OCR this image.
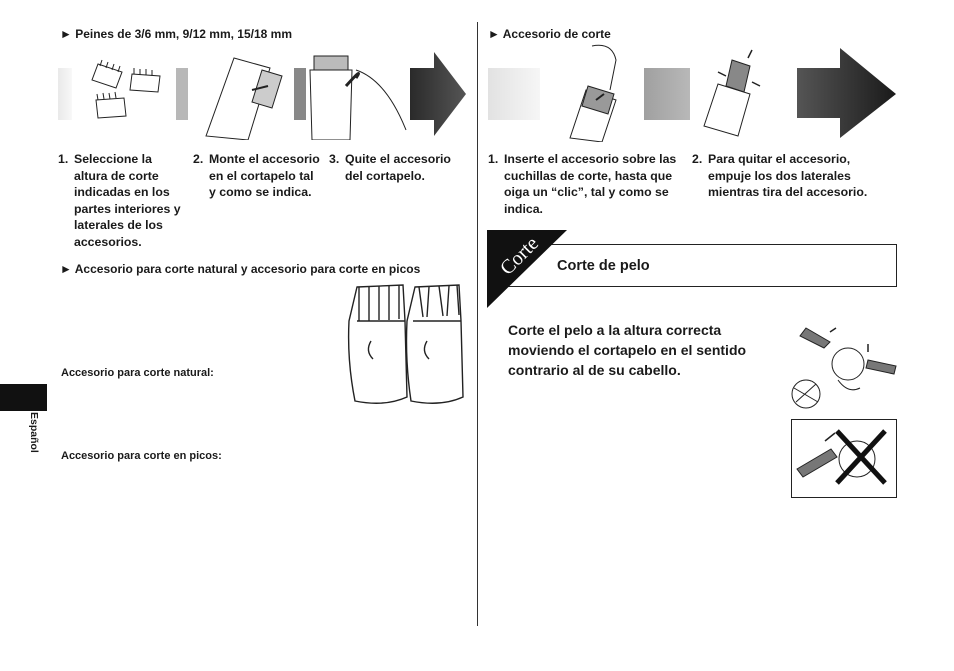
► Peines de 3/6 mm, 9/12 mm, 15/18 mm
1. Seleccione la altura de corte indicadas en los partes interiores y laterales de los accesorios.
2. Monte el accesorio en el cortapelo tal y como se indica.
3. Quite el accesorio del cortapelo.
► Accesorio para corte natural y accesorio para corte en picos
Accesorio para corte natural:
Accesorio para corte en picos:
Español
► Accesorio de corte
1. Inserte el accesorio sobre las cuchillas de corte, hasta que oiga un “clic”, tal y como se indica.
2. Para quitar el accesorio, empuje los dos laterales mientras tira del accesorio.
Corte Corte de pelo
Corte el pelo a la altura correcta moviendo el cortapelo en el sentido contrario al de su cabello.
